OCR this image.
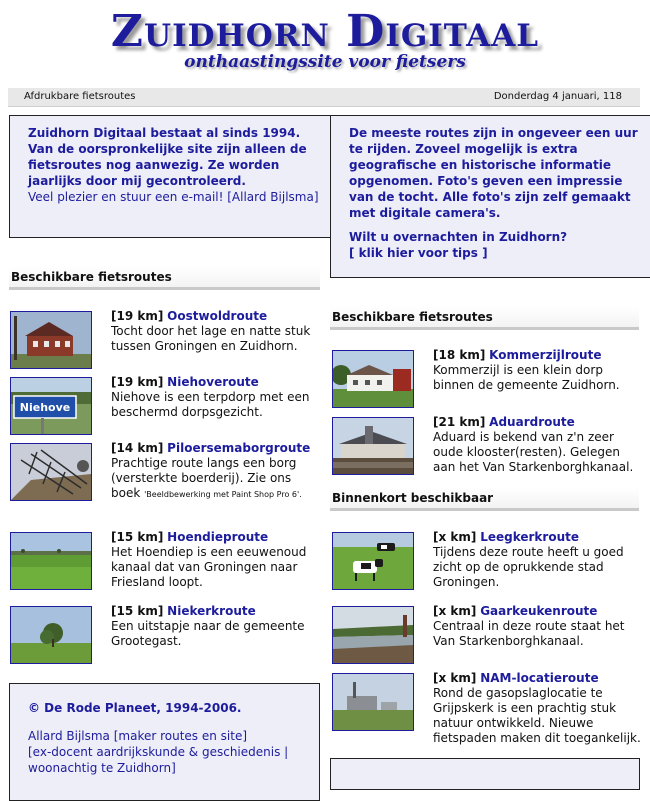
Zuidhorn Digitaal
onthaastingssite voor fietsers
Afdrukbare fietsroutes	Donderdag 4 januari, 118
Zuidhorn Digitaal bestaat al sinds 1994. Van de oorspronkelijke site zijn alleen de fietsroutes nog aanwezig. Ze worden jaarlijks door mij gecontroleerd.
Veel plezier en stuur een e-mail! [Allard Bijlsma]
De meeste routes zijn in ongeveer een uur te rijden. Zoveel mogelijk is extra geografische en historische informatie opgenomen. Foto's geven een impressie van de tocht. Alle foto's zijn zelf gemaakt met digitale camera's.

Wilt u overnachten in Zuidhorn?
[ klik hier voor tips ]
Beschikbare fietsroutes
[19 km] Oostwoldroute
Tocht door het lage en natte stuk tussen Groningen en Zuidhorn.
Niehove
[19 km] Niehoveroute
Niehove is een terpdorp met een beschermd dorpsgezicht.
[14 km] Piloersemaborgroute
Prachtige route langs een borg (versterkte boerderij). Zie ons boek 'Beeldbewerking met Paint Shop Pro 6'.
[15 km] Hoendieproute
Het Hoendiep is een eeuwenoud kanaal dat van Groningen naar Friesland loopt.
[15 km] Niekerkroute
Een uitstapje naar de gemeente Grootegast.
© De Rode Planeet, 1994-2006.

Allard Bijlsma [maker routes en site]
[ex-docent aardrijkskunde & geschiedenis | woonachtig te Zuidhorn]
Beschikbare fietsroutes
[18 km] Kommerzijlroute
Kommerzijl is een klein dorp binnen de gemeente Zuidhorn.
[21 km] Aduardroute
Aduard is bekend van z'n zeer oude klooster(resten). Gelegen aan het Van Starkenborghkanaal.
Binnenkort beschikbaar
[x km] Leegkerkroute
Tijdens deze route heeft u goed zicht op de oprukkende stad Groningen.
[x km] Gaarkeukenroute
Centraal in deze route staat het Van Starkenborghkanaal.
[x km] NAM-locatieroute
Rond de gasopslaglocatie te Grijpskerk is een prachtig stuk natuur ontwikkeld. Nieuwe fietspaden maken dit toegankelijk.
